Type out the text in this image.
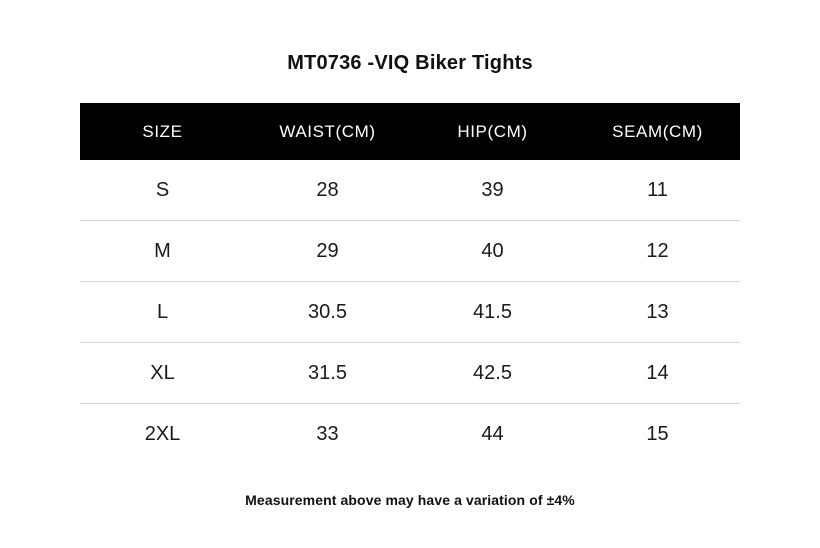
MT0736 -VIQ Biker Tights
SIZE	WAIST(CM)	HIP(CM)	SEAM(CM)
S	28	39	11
M	29	40	12
L	30.5	41.5	13
XL	31.5	42.5	14
2XL	33	44	15
Measurement above may have a variation of ±4%
